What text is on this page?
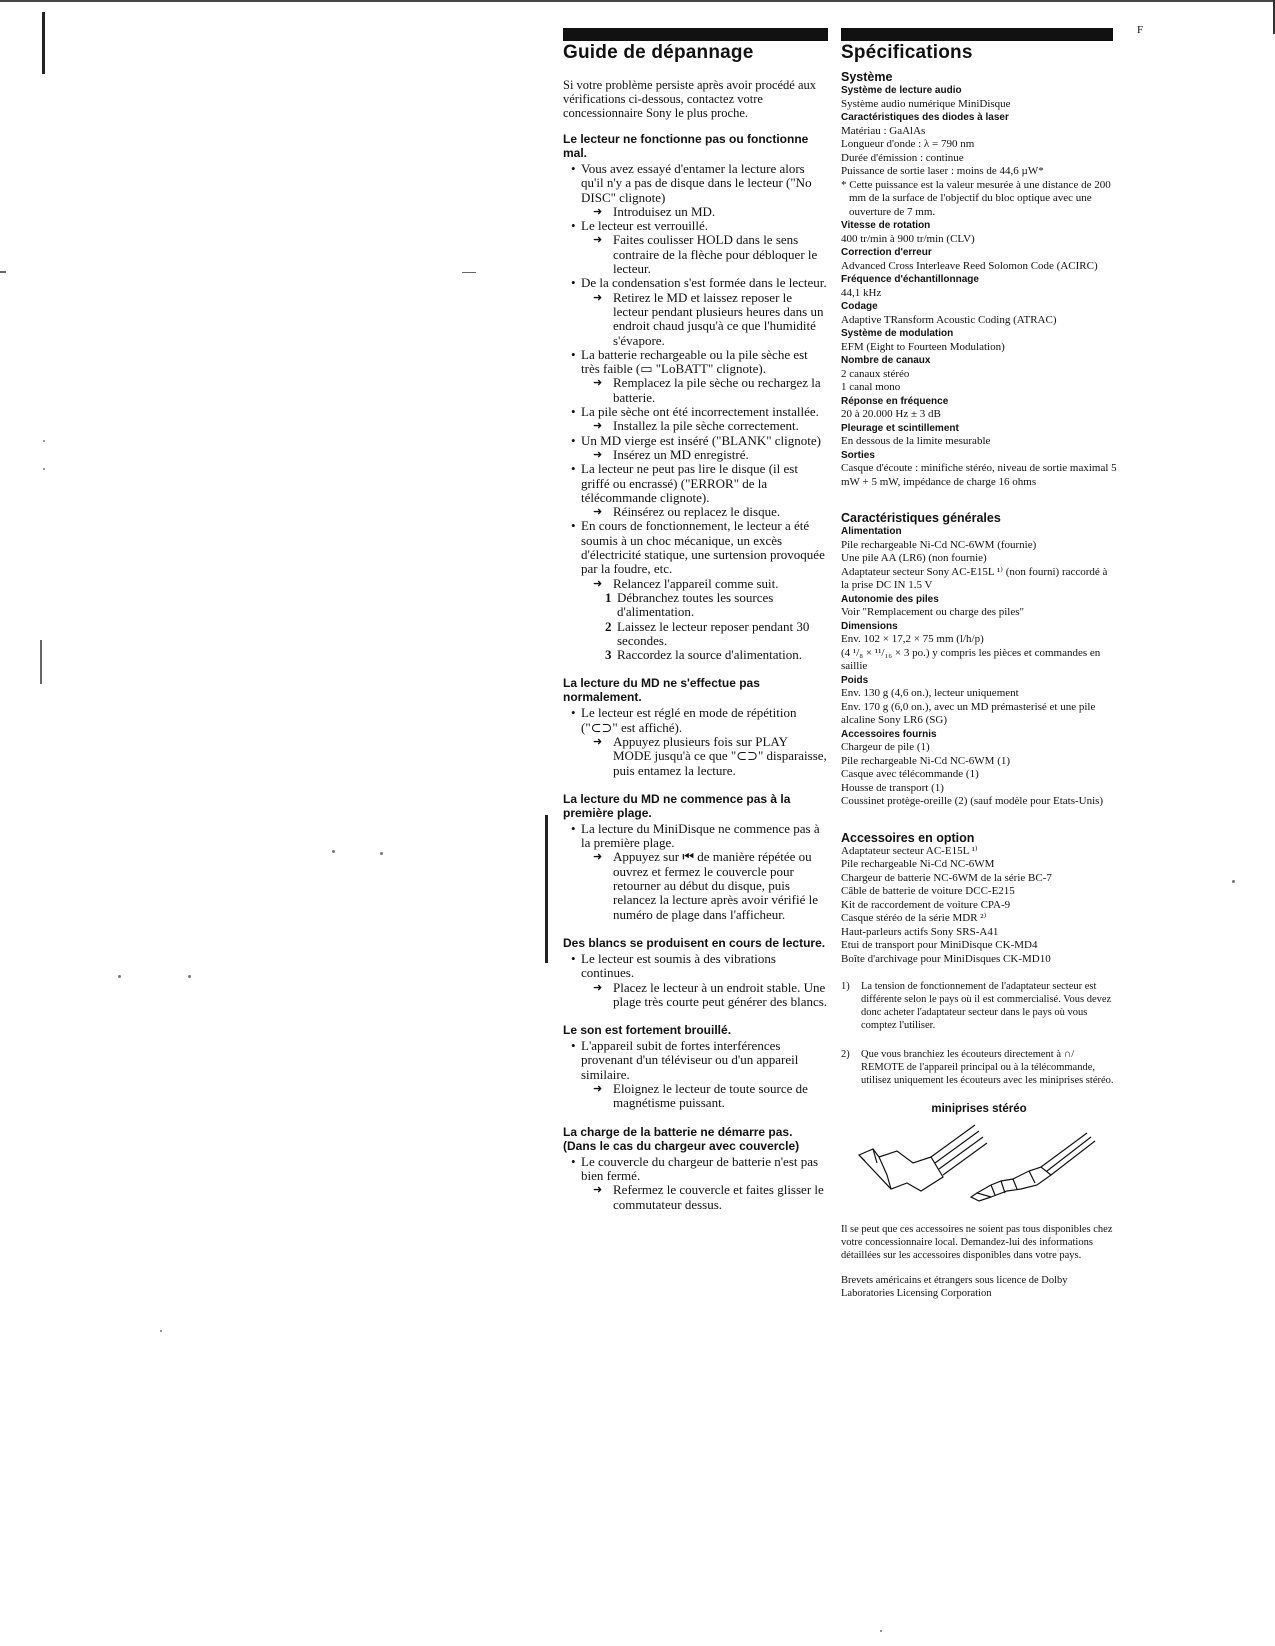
F
Guide de dépannage

Si votre problème persiste après avoir procédé aux vérifications ci-dessous, contactez votre concessionnaire Sony le plus proche.

Le lecteur ne fonctionne pas ou fonctionne mal.
• Vous avez essayé d'entamer la lecture alors qu'il n'y a pas de disque dans le lecteur ("No DISC" clignote)
➜ Introduisez un MD.
• Le lecteur est verrouillé.
➜ Faites coulisser HOLD dans le sens contraire de la flèche pour débloquer le lecteur.
• De la condensation s'est formée dans le lecteur.
➜ Retirez le MD et laissez reposer le lecteur pendant plusieurs heures dans un endroit chaud jusqu'à ce que l'humidité s'évapore.
• La batterie rechargeable ou la pile sèche est très faible (▭ "LoBATT" clignote).
➜ Remplacez la pile sèche ou rechargez la batterie.
• La pile sèche ont été incorrectement installée.
➜ Installez la pile sèche correctement.
• Un MD vierge est inséré ("BLANK" clignote)
➜ Insérez un MD enregistré.
• La lecteur ne peut pas lire le disque (il est griffé ou encrassé) ("ERROR" de la télécommande clignote).
➜ Réinsérez ou replacez le disque.
• En cours de fonctionnement, le lecteur a été soumis à un choc mécanique, un excès d'électricité statique, une surtension provoquée par la foudre, etc.
➜ Relancez l'appareil comme suit.
1 Débranchez toutes les sources d'alimentation.
2 Laissez le lecteur reposer pendant 30 secondes.
3 Raccordez la source d'alimentation.
La lecture du MD ne s'effectue pas normalement.
• Le lecteur est réglé en mode de répétition ("⊂⊃" est affiché).
➜ Appuyez plusieurs fois sur PLAY MODE jusqu'à ce que "⊂⊃" disparaisse, puis entamez la lecture.
La lecture du MD ne commence pas à la première plage.
• La lecture du MiniDisque ne commence pas à la première plage.
➜ Appuyez sur ⏮ de manière répétée ou ouvrez et fermez le couvercle pour retourner au début du disque, puis relancez la lecture après avoir vérifié le numéro de plage dans l'afficheur.
Des blancs se produisent en cours de lecture.
• Le lecteur est soumis à des vibrations continues.
➜ Placez le lecteur à un endroit stable. Une plage très courte peut générer des blancs.
Le son est fortement brouillé.
• L'appareil subit de fortes interférences provenant d'un téléviseur ou d'un appareil similaire.
➜ Eloignez le lecteur de toute source de magnétisme puissant.
La charge de la batterie ne démarre pas. (Dans le cas du chargeur avec couvercle)
• Le couvercle du chargeur de batterie n'est pas bien fermé.
➜ Refermez le couvercle et faites glisser le commutateur dessus.
Spécifications
Système
Système de lecture audio
Système audio numérique MiniDisque
Caractéristiques des diodes à laser
Matériau : GaAlAs
Longueur d'onde : λ = 790 nm
Durée d'émission : continue
Puissance de sortie laser : moins de 44,6 µW*
* Cette puissance est la valeur mesurée à une distance de 200 mm de la surface de l'objectif du bloc optique avec une ouverture de 7 mm.
Vitesse de rotation
400 tr/min à 900 tr/min (CLV)
Correction d'erreur
Advanced Cross Interleave Reed Solomon Code (ACIRC)
Fréquence d'échantillonnage
44,1 kHz
Codage
Adaptive TRansform Acoustic Coding (ATRAC)
Système de modulation
EFM (Eight to Fourteen Modulation)
Nombre de canaux
2 canaux stéréo
1 canal mono
Réponse en fréquence
20 à 20.000 Hz ± 3 dB
Pleurage et scintillement
En dessous de la limite mesurable
Sorties
Casque d'écoute : minifiche stéréo, niveau de sortie maximal 5 mW + 5 mW, impédance de charge 16 ohms
Caractéristiques générales
Alimentation
Pile rechargeable Ni-Cd NC-6WM (fournie)
Une pile AA (LR6) (non fournie)
Adaptateur secteur Sony AC-E15L ¹⁾ (non fourni) raccordé à la prise DC IN 1.5 V
Autonomie des piles
Voir "Remplacement ou charge des piles"
Dimensions
Env. 102 × 17,2 × 75 mm (l/h/p)
(4 ¹/₈ × ¹¹/₁₆ × 3 po.) y compris les pièces et commandes en saillie
Poids
Env. 130 g (4,6 on.), lecteur uniquement
Env. 170 g (6,0 on.), avec un MD prémasterisé et une pile alcaline Sony LR6 (SG)
Accessoires fournis
Chargeur de pile (1)
Pile rechargeable Ni-Cd NC-6WM (1)
Casque avec télécommande (1)
Housse de transport (1)
Coussinet protège-oreille (2) (sauf modèle pour Etats-Unis)
Accessoires en option
Adaptateur secteur AC-E15L ¹⁾
Pile rechargeable Ni-Cd NC-6WM
Chargeur de batterie NC-6WM de la série BC-7
Câble de batterie de voiture DCC-E215
Kit de raccordement de voiture CPA-9
Casque stéréo de la série MDR ²⁾
Haut-parleurs actifs Sony SRS-A41
Etui de transport pour MiniDisque CK-MD4
Boîte d'archivage pour MiniDisques CK-MD10
1)	La tension de fonctionnement de l'adaptateur secteur est différente selon le pays où il est commercialisé. Vous devez donc acheter l'adaptateur secteur dans le pays où vous comptez l'utiliser.
2)	Que vous branchiez les écouteurs directement à ∩/ REMOTE de l'appareil principal ou à la télécommande, utilisez uniquement les écouteurs avec les miniprises stéréo.
miniprises stéréo

Il se peut que ces accessoires ne soient pas tous disponibles chez votre concessionnaire local. Demandez-lui des informations détaillées sur les accessoires disponibles dans votre pays.

Brevets américains et étrangers sous licence de Dolby Laboratories Licensing Corporation
